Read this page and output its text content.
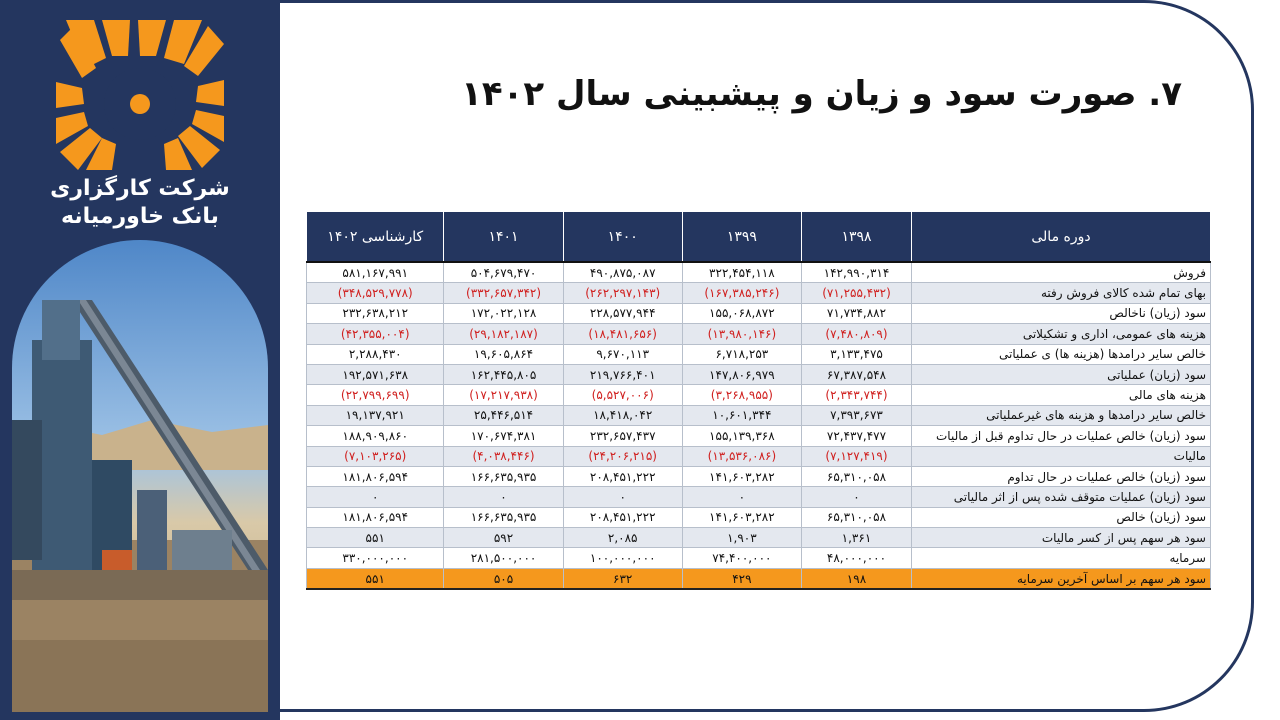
شرکت کارگزاری
بانک خاورمیانه
۷. صورت سود و زیان و پیشبینی سال ۱۴۰۲
دوره مالی	۱۳۹۸	۱۳۹۹	۱۴۰۰	۱۴۰۱	کارشناسی ۱۴۰۲
فروش	۱۴۲,۹۹۰,۳۱۴	۳۲۲,۴۵۴,۱۱۸	۴۹۰,۸۷۵,۰۸۷	۵۰۴,۶۷۹,۴۷۰	۵۸۱,۱۶۷,۹۹۱
بهای تمام شده کالای فروش رفته	(۷۱,۲۵۵,۴۳۲)	(۱۶۷,۳۸۵,۲۴۶)	(۲۶۲,۲۹۷,۱۴۳)	(۳۳۲,۶۵۷,۳۴۲)	(۳۴۸,۵۲۹,۷۷۸)
سود (زیان) ناخالص	۷۱,۷۳۴,۸۸۲	۱۵۵,۰۶۸,۸۷۲	۲۲۸,۵۷۷,۹۴۴	۱۷۲,۰۲۲,۱۲۸	۲۳۲,۶۳۸,۲۱۲
هزینه های عمومی، اداری و تشکیلاتی	(۷,۴۸۰,۸۰۹)	(۱۳,۹۸۰,۱۴۶)	(۱۸,۴۸۱,۶۵۶)	(۲۹,۱۸۲,۱۸۷)	(۴۲,۳۵۵,۰۰۴)
خالص سایر درامدها (هزینه ها) ی عملیاتی	۳,۱۳۳,۴۷۵	۶,۷۱۸,۲۵۳	۹,۶۷۰,۱۱۳	۱۹,۶۰۵,۸۶۴	۲,۲۸۸,۴۳۰
سود (زیان) عملیاتی	۶۷,۳۸۷,۵۴۸	۱۴۷,۸۰۶,۹۷۹	۲۱۹,۷۶۶,۴۰۱	۱۶۲,۴۴۵,۸۰۵	۱۹۲,۵۷۱,۶۳۸
هزینه های مالی	(۲,۳۴۳,۷۴۴)	(۳,۲۶۸,۹۵۵)	(۵,۵۲۷,۰۰۶)	(۱۷,۲۱۷,۹۳۸)	(۲۲,۷۹۹,۶۹۹)
خالص سایر درامدها و هزینه های غیرعملیاتی	۷,۳۹۳,۶۷۳	۱۰,۶۰۱,۳۴۴	۱۸,۴۱۸,۰۴۲	۲۵,۴۴۶,۵۱۴	۱۹,۱۳۷,۹۲۱
سود (زیان) خالص عملیات در حال تداوم قبل از مالیات	۷۲,۴۳۷,۴۷۷	۱۵۵,۱۳۹,۳۶۸	۲۳۲,۶۵۷,۴۳۷	۱۷۰,۶۷۴,۳۸۱	۱۸۸,۹۰۹,۸۶۰
مالیات	(۷,۱۲۷,۴۱۹)	(۱۳,۵۳۶,۰۸۶)	(۲۴,۲۰۶,۲۱۵)	(۴,۰۳۸,۴۴۶)	(۷,۱۰۳,۲۶۵)
سود (زیان) خالص عملیات در حال تداوم	۶۵,۳۱۰,۰۵۸	۱۴۱,۶۰۳,۲۸۲	۲۰۸,۴۵۱,۲۲۲	۱۶۶,۶۳۵,۹۳۵	۱۸۱,۸۰۶,۵۹۴
سود (زیان) عملیات متوقف شده پس از اثر مالیاتی	۰	۰	۰	۰	۰
سود (زیان) خالص	۶۵,۳۱۰,۰۵۸	۱۴۱,۶۰۳,۲۸۲	۲۰۸,۴۵۱,۲۲۲	۱۶۶,۶۳۵,۹۳۵	۱۸۱,۸۰۶,۵۹۴
سود هر سهم پس از کسر مالیات	۱,۳۶۱	۱,۹۰۳	۲,۰۸۵	۵۹۲	۵۵۱
سرمایه	۴۸,۰۰۰,۰۰۰	۷۴,۴۰۰,۰۰۰	۱۰۰,۰۰۰,۰۰۰	۲۸۱,۵۰۰,۰۰۰	۳۳۰,۰۰۰,۰۰۰
سود هر سهم بر اساس آخرین سرمایه	۱۹۸	۴۲۹	۶۳۲	۵۰۵	۵۵۱
